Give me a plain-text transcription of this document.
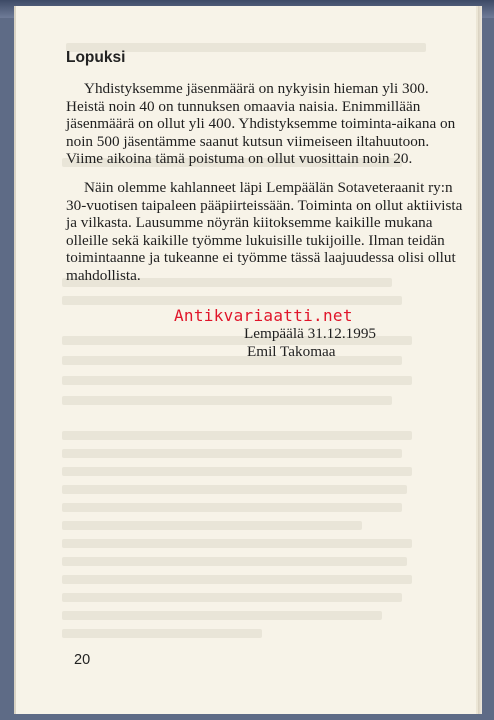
Lopuksi

Yhdistyksemme jäsenmäärä on nykyisin hieman yli 300.
Heistä noin 40 on tunnuksen omaavia naisia. Enimmillään
jäsenmäärä on ollut yli 400. Yhdistyksemme toiminta-aikana on
noin 500 jäsentämme saanut kutsun viimeiseen iltahuutoon.
Viime aikoina tämä poistuma on ollut vuosittain noin 20.

Näin olemme kahlanneet läpi Lempäälän Sotaveteraanit ry:n
30-vuotisen taipaleen pääpiirteissään. Toiminta on ollut aktiivista
ja vilkasta. Lausumme nöyrän kiitoksemme kaikille mukana
olleille sekä kaikille työmme lukuisille tukijoille. Ilman teidän
toimintaanne ja tukeanne ei työmme tässä laajuudessa olisi ollut
mahdollista.

Antikvariaatti.net

Lempäälä 31.12.1995
Emil Takomaa

20
